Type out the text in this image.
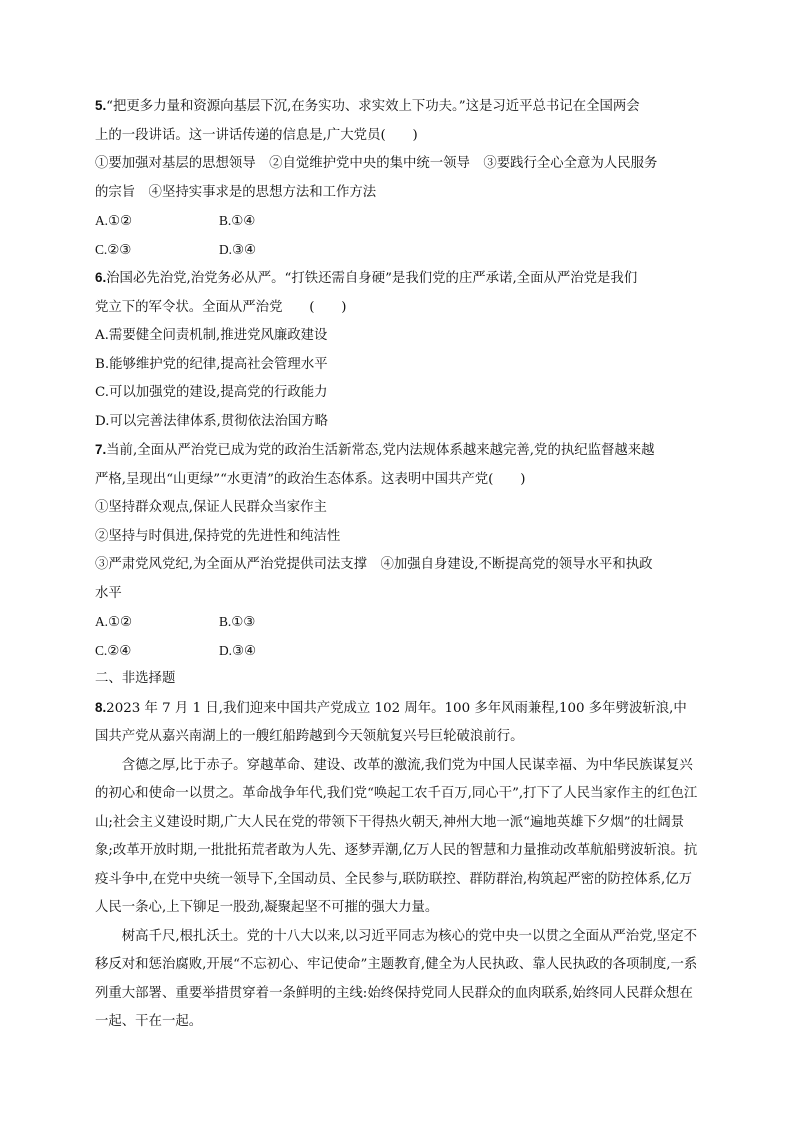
5.“把更多力量和资源向基层下沉,在务实功、求实效上下功夫。”这是习近平总书记在全国两会

上的一段讲话。这一讲话传递的信息是,广大党员(　　)

①要加强对基层的思想领导　②自觉维护党中央的集中统一领导　③要践行全心全意为人民服务

的宗旨　④坚持实事求是的思想方法和工作方法

A.①②	B.①④
C.②③	D.③④

6.治国必先治党,治党务必从严。“打铁还需自身硬”是我们党的庄严承诺,全面从严治党是我们

党立下的军令状。全面从严治党　　(　　)

A.需要健全问责机制,推进党风廉政建设

B.能够维护党的纪律,提高社会管理水平

C.可以加强党的建设,提高党的行政能力

D.可以完善法律体系,贯彻依法治国方略

7.当前,全面从严治党已成为党的政治生活新常态,党内法规体系越来越完善,党的执纪监督越来越

严格,呈现出“山更绿”“水更清”的政治生态体系。这表明中国共产党(　　)

①坚持群众观点,保证人民群众当家作主

②坚持与时俱进,保持党的先进性和纯洁性

③严肃党风党纪,为全面从严治党提供司法支撑　④加强自身建设,不断提高党的领导水平和执政

水平

A.①②	B.①③
C.②④	D.③④

二、非选择题

8.2023 年 7 月 1 日,我们迎来中国共产党成立 102 周年。100 多年风雨兼程,100 多年劈波斩浪,中

国共产党从嘉兴南湖上的一艘红船跨越到今天领航复兴号巨轮破浪前行。

含德之厚,比于赤子。穿越革命、建设、改革的激流,我们党为中国人民谋幸福、为中华民族谋复兴的初心和使命一以贯之。革命战争年代,我们党“唤起工农千百万,同心干”,打下了人民当家作主的红色江山;社会主义建设时期,广大人民在党的带领下干得热火朝天,神州大地一派“遍地英雄下夕烟”的壮阔景象;改革开放时期,一批批拓荒者敢为人先、逐梦弄潮,亿万人民的智慧和力量推动改革航船劈波斩浪。抗疫斗争中,在党中央统一领导下,全国动员、全民参与,联防联控、群防群治,构筑起严密的防控体系,亿万人民一条心,上下铆足一股劲,凝聚起坚不可摧的强大力量。

树高千尺,根扎沃土。党的十八大以来,以习近平同志为核心的党中央一以贯之全面从严治党,坚定不移反对和惩治腐败,开展“不忘初心、牢记使命”主题教育,健全为人民执政、靠人民执政的各项制度,一系列重大部署、重要举措贯穿着一条鲜明的主线:始终保持党同人民群众的血肉联系,始终同人民群众想在一起、干在一起。
